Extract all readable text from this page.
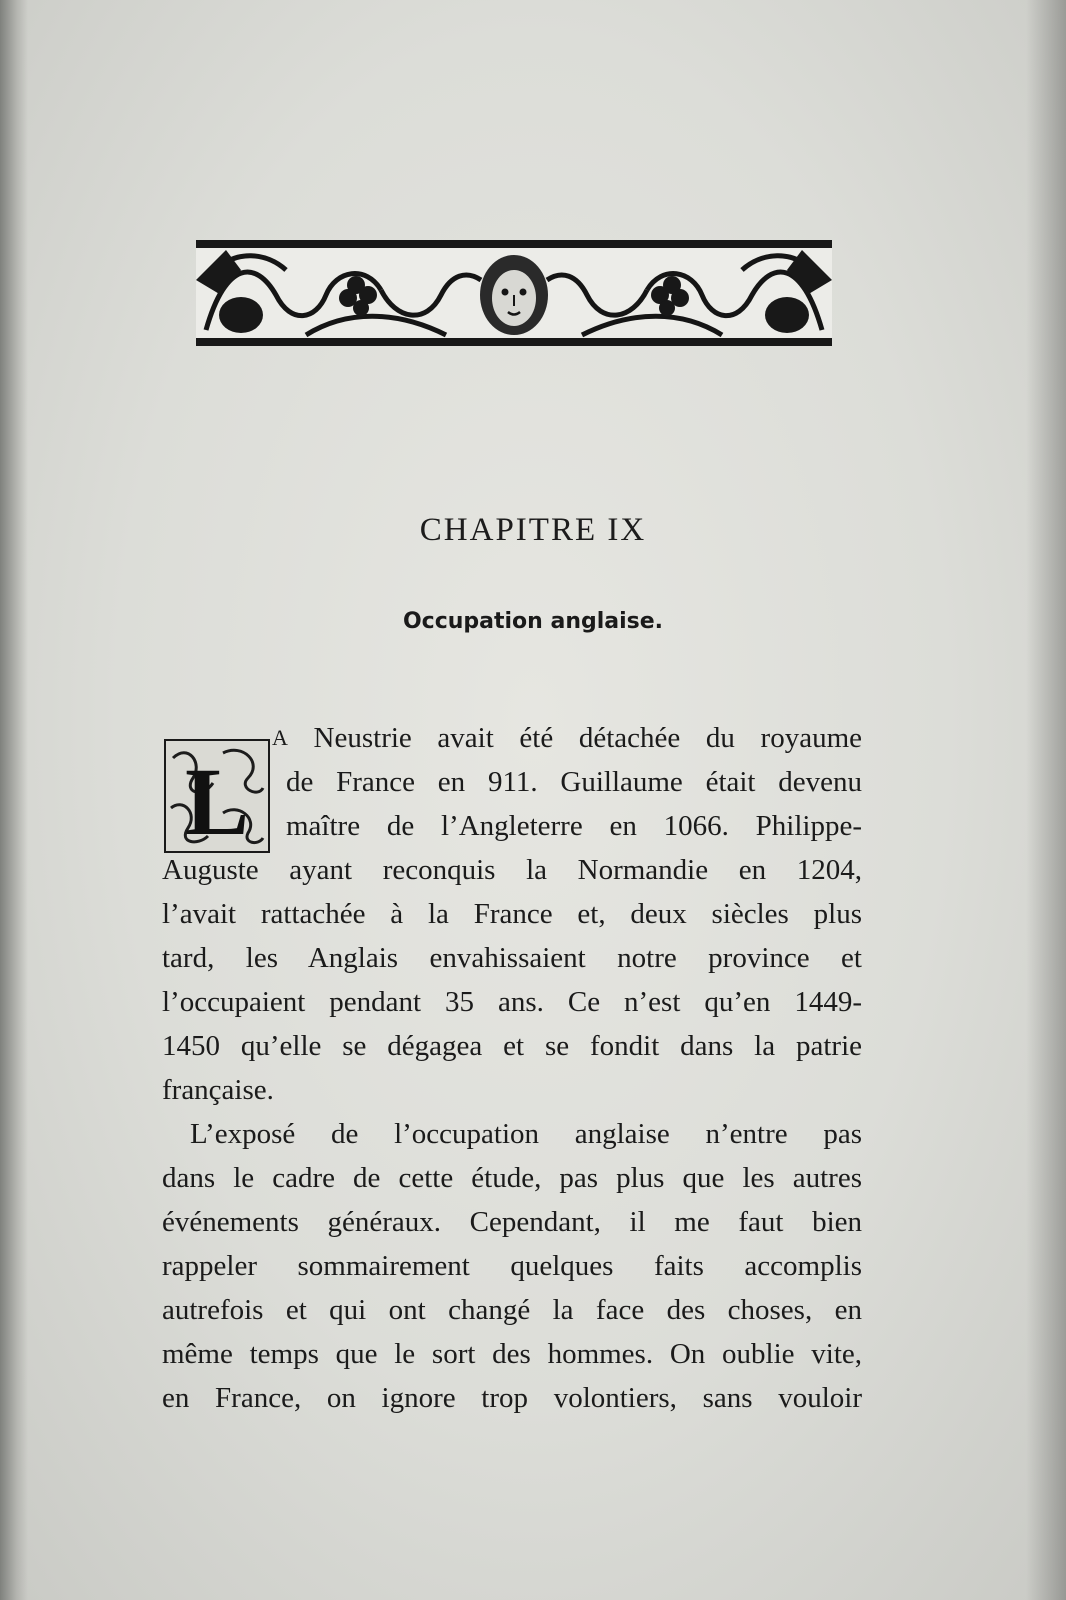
CHAPITRE IX
Occupation anglaise.
L
A Neustrie avait été détachée du royaume
de France en 911. Guillaume était devenu
maître de l’Angleterre en 1066. Philippe-
Auguste ayant reconquis la Normandie en 1204,
l’avait rattachée à la France et, deux siècles plus
tard, les Anglais envahissaient notre province et
l’occupaient pendant 35 ans. Ce n’est qu’en 1449-
1450 qu’elle se dégagea et se fondit dans la patrie
française.
L’exposé de l’occupation anglaise n’entre pas
dans le cadre de cette étude, pas plus que les autres
événements généraux. Cependant, il me faut bien
rappeler sommairement quelques faits accomplis
autrefois et qui ont changé la face des choses, en
même temps que le sort des hommes. On oublie vite,
en France, on ignore trop volontiers, sans vouloir
